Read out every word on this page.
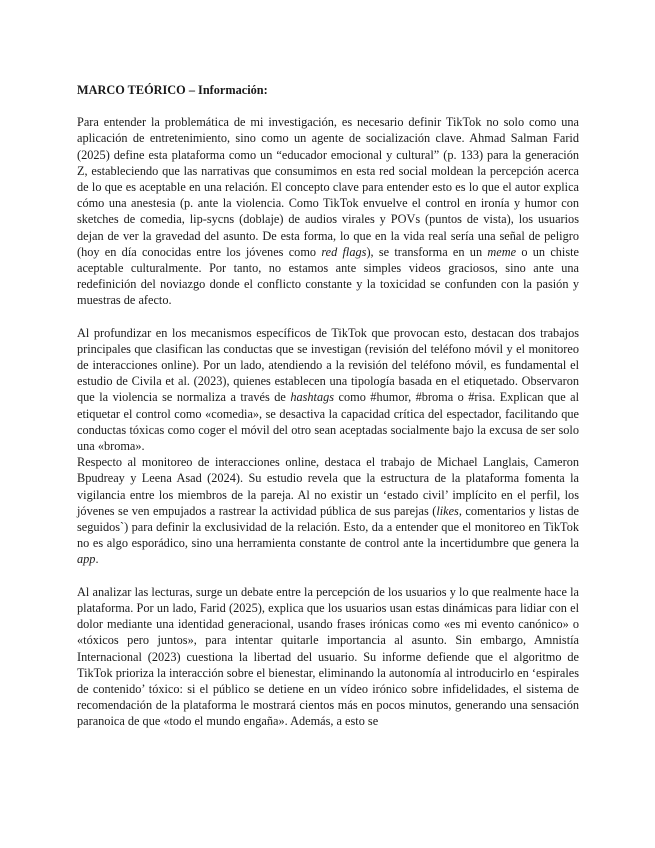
MARCO TEÓRICO – Información:

Para entender la problemática de mi investigación, es necesario definir TikTok no solo como una aplicación de entretenimiento, sino como un agente de socialización clave. Ahmad Salman Farid (2025) define esta plataforma como un “educador emocional y cultural” (p. 133) para la generación Z, estableciendo que las narrativas que consumimos en esta red social moldean la percepción acerca de lo que es aceptable en una relación. El concepto clave para entender esto es lo que el autor explica cómo una anestesia (p. ante la violencia. Como TikTok envuelve el control en ironía y humor con sketches de comedia, lip-sycns (doblaje) de audios virales y POVs (puntos de vista), los usuarios dejan de ver la gravedad del asunto. De esta forma, lo que en la vida real sería una señal de peligro (hoy en día conocidas entre los jóvenes como red flags), se transforma en un meme o un chiste aceptable culturalmente. Por tanto, no estamos ante simples videos graciosos, sino ante una redefinición del noviazgo donde el conflicto constante y la toxicidad se confunden con la pasión y muestras de afecto.

Al profundizar en los mecanismos específicos de TikTok que provocan esto, destacan dos trabajos principales que clasifican las conductas que se investigan (revisión del teléfono móvil y el monitoreo de interacciones online). Por un lado, atendiendo a la revisión del teléfono móvil, es fundamental el estudio de Civila et al. (2023), quienes establecen una tipología basada en el etiquetado. Observaron que la violencia se normaliza a través de hashtags como #humor, #broma o #risa. Explican que al etiquetar el control como «comedia», se desactiva la capacidad crítica del espectador, facilitando que conductas tóxicas como coger el móvil del otro sean aceptadas socialmente bajo la excusa de ser solo una «broma».

Respecto al monitoreo de interacciones online, destaca el trabajo de Michael Langlais, Cameron Bpudreay y Leena Asad (2024). Su estudio revela que la estructura de la plataforma fomenta la vigilancia entre los miembros de la pareja. Al no existir un ‘estado civil’ implícito en el perfil, los jóvenes se ven empujados a rastrear la actividad pública de sus parejas (likes, comentarios y listas de seguidos`) para definir la exclusividad de la relación. Esto, da a entender que el monitoreo en TikTok no es algo esporádico, sino una herramienta constante de control ante la incertidumbre que genera la app.

Al analizar las lecturas, surge un debate entre la percepción de los usuarios y lo que realmente hace la plataforma. Por un lado, Farid (2025), explica que los usuarios usan estas dinámicas para lidiar con el dolor mediante una identidad generacional, usando frases irónicas como «es mi evento canónico» o «tóxicos pero juntos», para intentar quitarle importancia al asunto. Sin embargo, Amnistía Internacional (2023) cuestiona la libertad del usuario. Su informe defiende que el algoritmo de TikTok prioriza la interacción sobre el bienestar, eliminando la autonomía al introducirlo en ‘espirales de contenido’ tóxico: si el público se detiene en un vídeo irónico sobre infidelidades, el sistema de recomendación de la plataforma le mostrará cientos más en pocos minutos, generando una sensación paranoica de que «todo el mundo engaña». Además, a esto se
